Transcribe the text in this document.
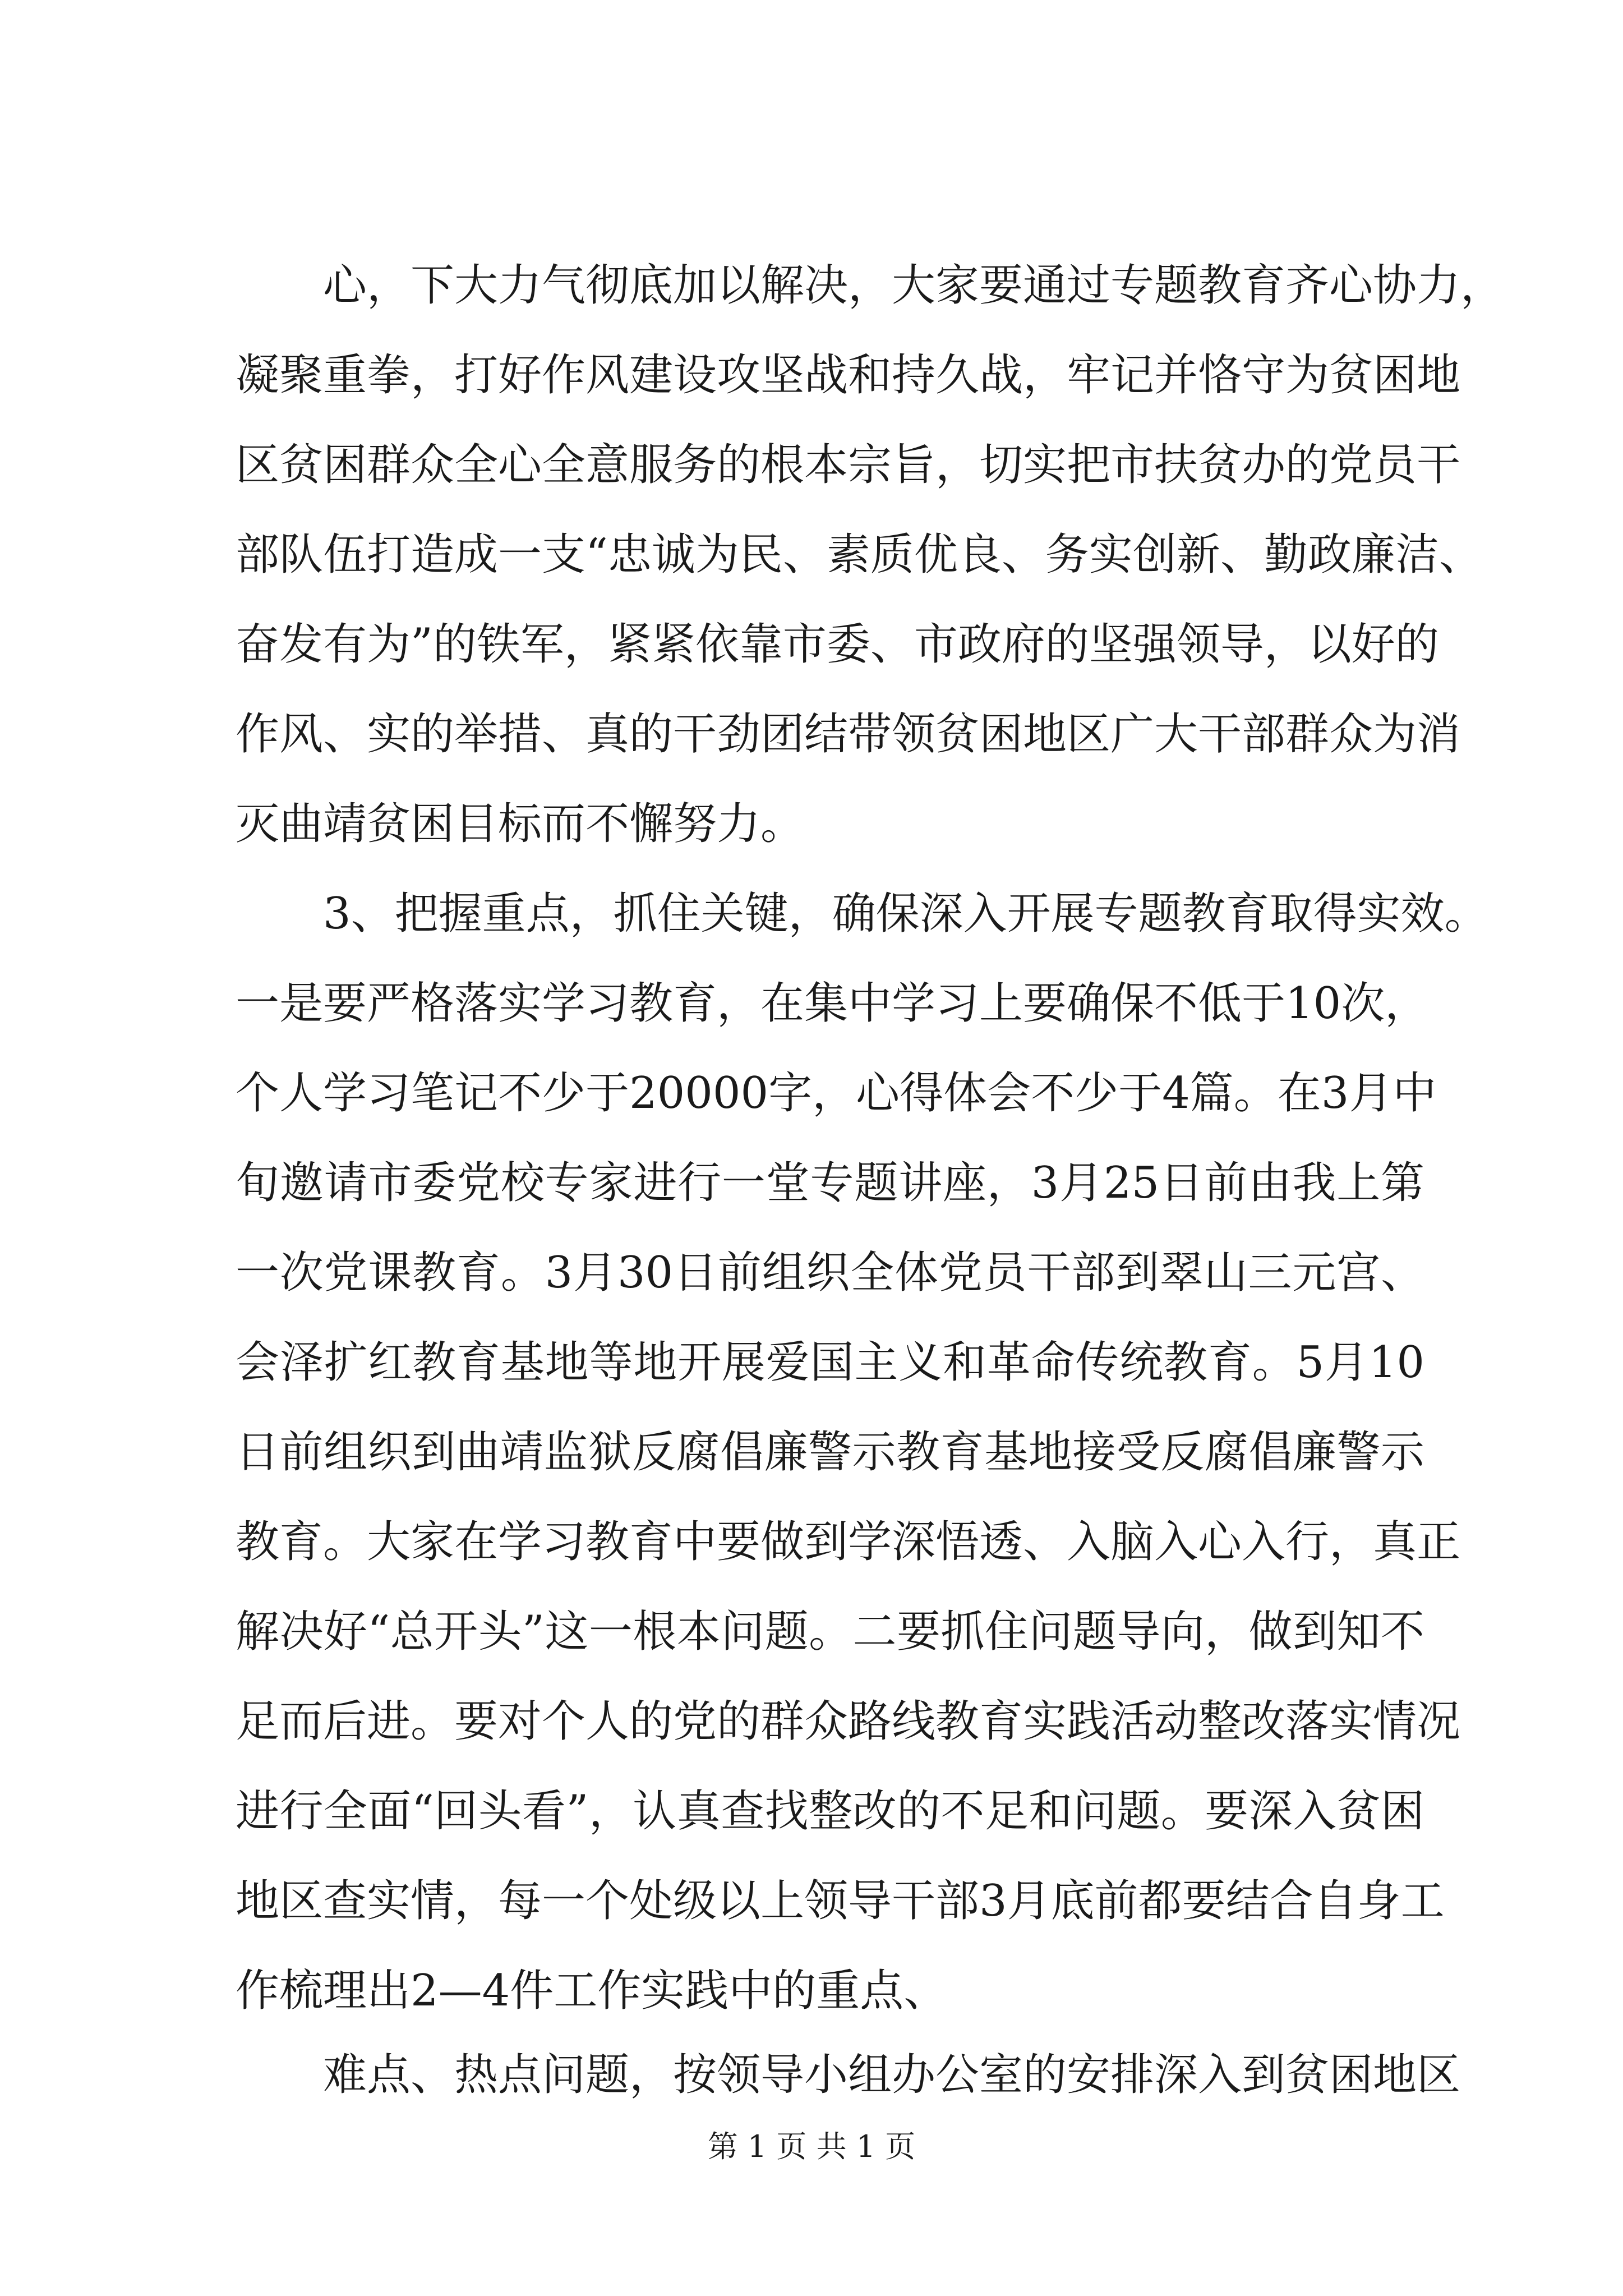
心，下大力气彻底加以解决，大家要通过专题教育齐心协力，
凝聚重拳，打好作风建设攻坚战和持久战，牢记并恪守为贫困地
区贫困群众全心全意服务的根本宗旨，切实把市扶贫办的党员干
部队伍打造成一支“忠诚为民、素质优良、务实创新、勤政廉洁、
奋发有为”的铁军，紧紧依靠市委、市政府的坚强领导，以好的
作风、实的举措、真的干劲团结带领贫困地区广大干部群众为消
灭曲靖贫困目标而不懈努力。
3、把握重点，抓住关键，确保深入开展专题教育取得实效。
一是要严格落实学习教育，在集中学习上要确保不低于10次，
个人学习笔记不少于20000字，心得体会不少于4篇。在3月中
旬邀请市委党校专家进行一堂专题讲座，3月25日前由我上第
一次党课教育。3月30日前组织全体党员干部到翠山三元宫、
会泽扩红教育基地等地开展爱国主义和革命传统教育。5月10
日前组织到曲靖监狱反腐倡廉警示教育基地接受反腐倡廉警示
教育。大家在学习教育中要做到学深悟透、入脑入心入行，真正
解决好“总开头”这一根本问题。二要抓住问题导向，做到知不
足而后进。要对个人的党的群众路线教育实践活动整改落实情况
进行全面“回头看”，认真查找整改的不足和问题。要深入贫困
地区查实情，每一个处级以上领导干部3月底前都要结合自身工
作梳理出2—4件工作实践中的重点、
难点、热点问题，按领导小组办公室的安排深入到贫困地区
第 1 页 共 1 页
